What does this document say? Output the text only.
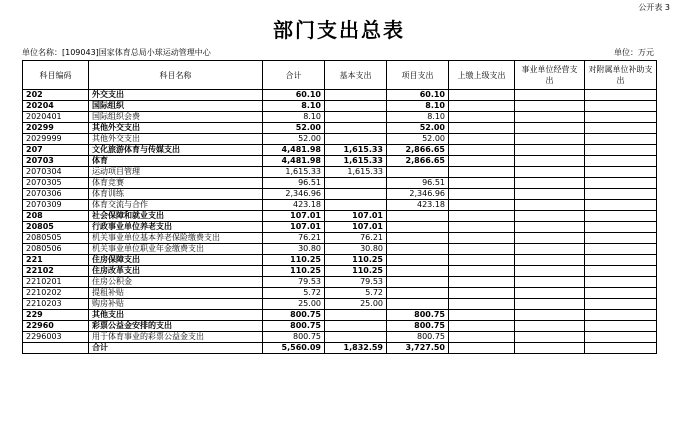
公开表 3
部门支出总表
单位名称：[109043]国家体育总局小球运动管理中心	单位：万元
科目编码	科目名称	合计	基本支出	项目支出	上缴上级支出	事业单位经营支出	对附属单位补助支出
202	外交支出	60.10		60.10			
20204	国际组织	8.10		8.10			
2020401	国际组织会费	8.10		8.10			
20299	其他外交支出	52.00		52.00			
2029999	其他外交支出	52.00		52.00			
207	文化旅游体育与传媒支出	4,481.98	1,615.33	2,866.65			
20703	体育	4,481.98	1,615.33	2,866.65			
2070304	运动项目管理	1,615.33	1,615.33				
2070305	体育竞赛	96.51		96.51			
2070306	体育训练	2,346.96		2,346.96			
2070309	体育交流与合作	423.18		423.18			
208	社会保障和就业支出	107.01	107.01				
20805	行政事业单位养老支出	107.01	107.01				
2080505	机关事业单位基本养老保险缴费支出	76.21	76.21				
2080506	机关事业单位职业年金缴费支出	30.80	30.80				
221	住房保障支出	110.25	110.25				
22102	住房改革支出	110.25	110.25				
2210201	住房公积金	79.53	79.53				
2210202	提租补贴	5.72	5.72				
2210203	购房补贴	25.00	25.00				
229	其他支出	800.75		800.75			
22960	彩票公益金安排的支出	800.75		800.75			
2296003	用于体育事业的彩票公益金支出	800.75		800.75			
	合计	5,560.09	1,832.59	3,727.50			
